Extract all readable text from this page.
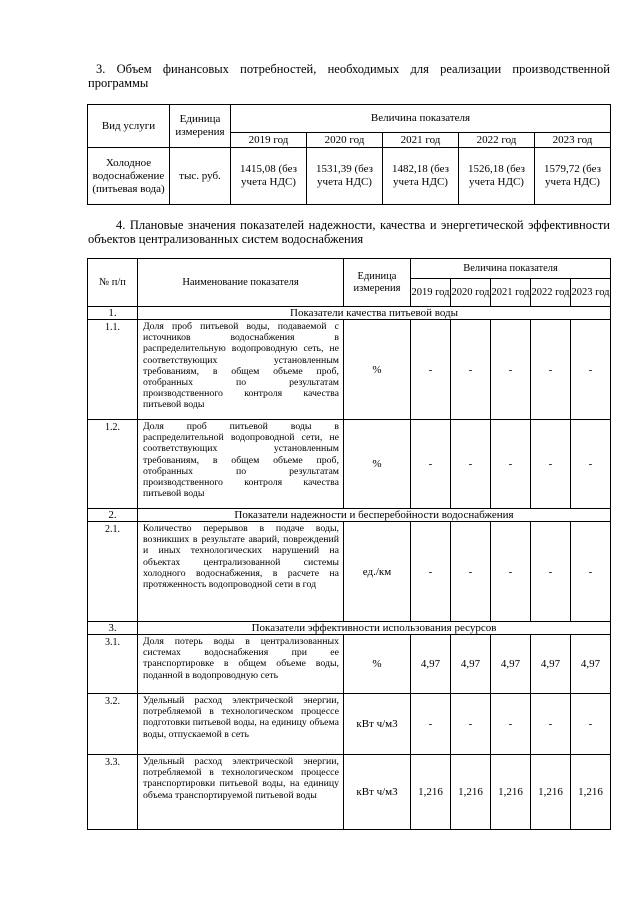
3. Объем финансовых потребностей, необходимых для реализации производственной программы
Вид услуги	Единица измерения	Величина показателя				
		2019 год	2020 год	2021 год	2022 год	2023 год
Холодное водоснабжение (питьевая вода)	тыс. руб.	1415,08 (без учета НДС)	1531,39 (без учета НДС)	1482,18 (без учета НДС)	1526,18 (без учета НДС)	1579,72 (без учета НДС)
4. Плановые значения показателей надежности, качества и энергетической эффективности объектов централизованных систем водоснабжения
№ п/п	Наименование показателя	Единица измерения	Величина показателя				
			2019 год	2020 год	2021 год	2022 год	2023 год
1.	Показатели качества питьевой воды						
1.1.	Доля проб питьевой воды, подаваемой с источников водоснабжения в распределительную водопроводную сеть, не соответствующих установленным требованиям, в общем объеме проб, отобранных по результатам производственного контроля качества питьевой воды	%	-	-	-	-	-
1.2.	Доля проб питьевой воды в распределительной водопроводной сети, не соответствующих установленным требованиям, в общем объеме проб, отобранных по результатам производственного контроля качества питьевой воды	%	-	-	-	-	-
2.	Показатели надежности и бесперебойности водоснабжения						
2.1.	Количество перерывов в подаче воды, возникших в результате аварий, повреждений и иных технологических нарушений на объектах централизованной системы холодного водоснабжения, в расчете на протяженность водопроводной сети в год	ед./км	-	-	-	-	-
3.	Показатели эффективности использования ресурсов						
3.1.	Доля потерь воды в централизованных системах водоснабжения при ее транспортировке в общем объеме воды, поданной в водопроводную сеть	%	4,97	4,97	4,97	4,97	4,97
3.2.	Удельный расход электрической энергии, потребляемой в технологическом процессе подготовки питьевой воды, на единицу объема воды, отпускаемой в сеть	кВт ч/м3	-	-	-	-	-
3.3.	Удельный расход электрической энергии, потребляемой в технологическом процессе транспортировки питьевой воды, на единицу объема транспортируемой питьевой воды	кВт ч/м3	1,216	1,216	1,216	1,216	1,216
